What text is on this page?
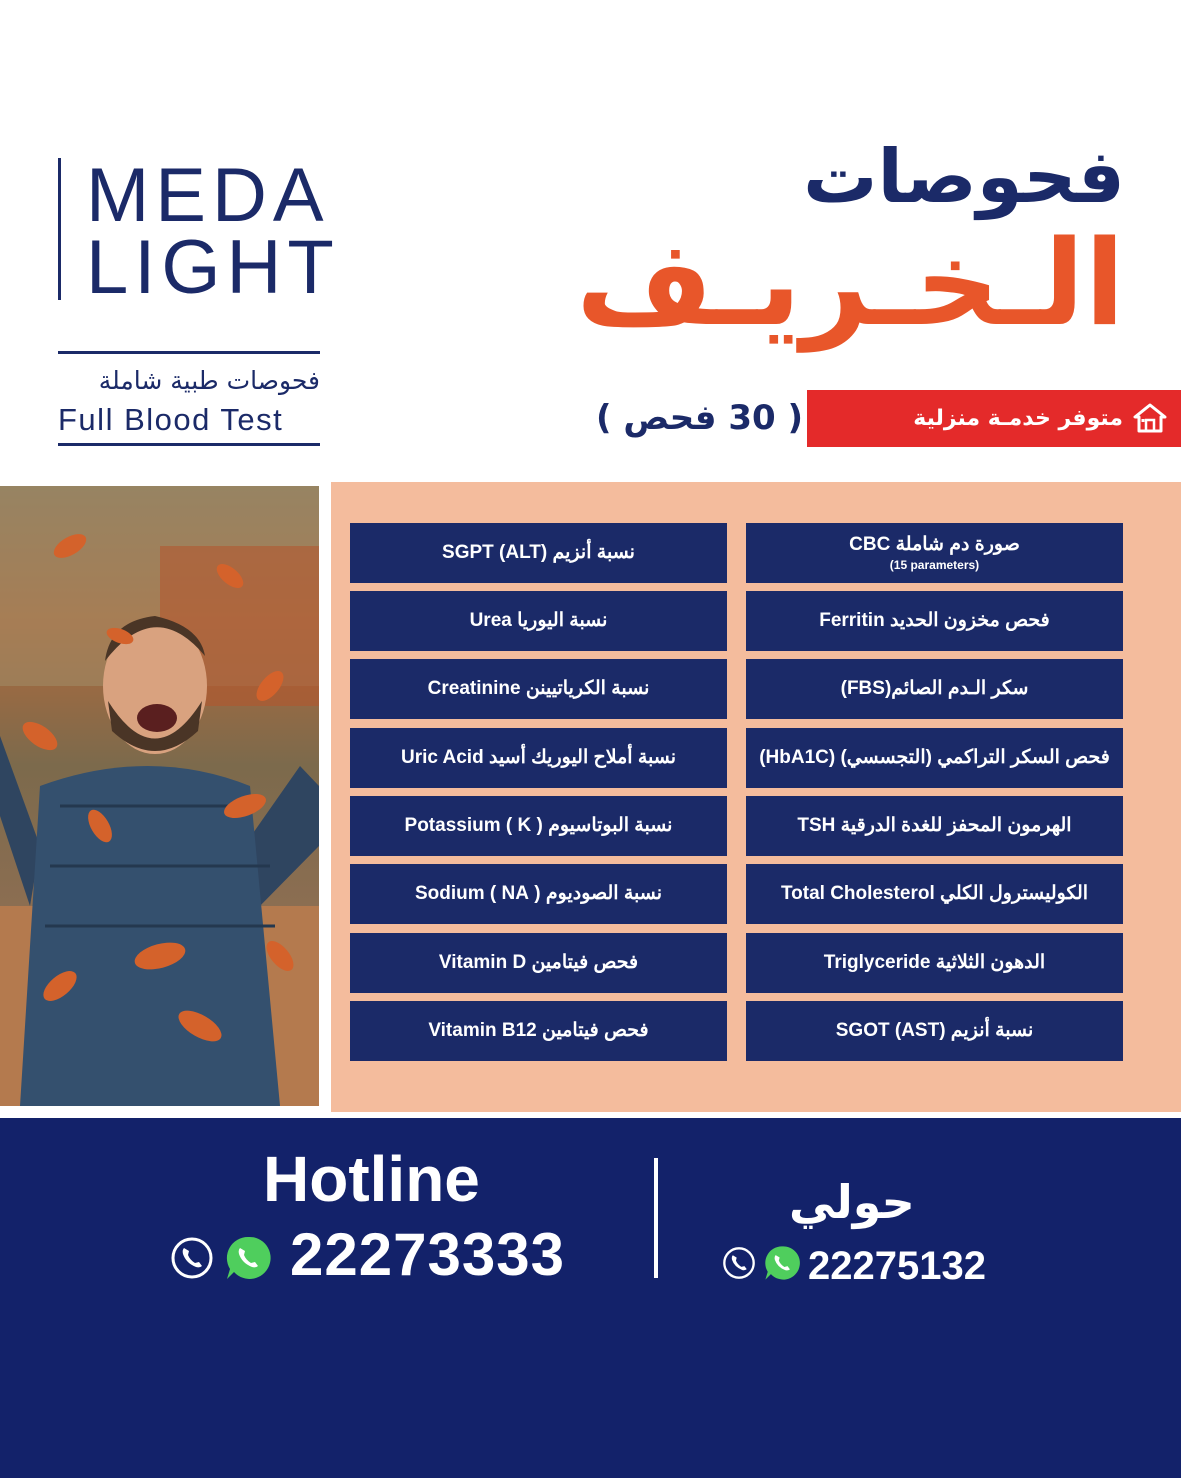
MEDA
LIGHT
فحوصات طبية شاملة
Full Blood Test
فحوصات
الـخـريـف
متوفر خدمـة منزلية
( 30 فحص )
صورة دم شاملة CBC
(15 parameters)
فحص مخزون الحديد Ferritin
سكر الـدم الصائم(FBS)
فحص السكر التراكمي (التجسسي) (HbA1C)
الهرمون المحفز للغدة الدرقية TSH
الكوليسترول الكلي Total Cholesterol
الدهون الثلاثية Triglyceride
نسبة أنزيم (SGOT (AST
نسبة أنزيم (SGPT (ALT
نسبة اليوريا Urea
نسبة الكرياتيينن Creatinine
نسبة أملاح اليوريك أسيد Uric Acid
نسبة البوتاسيوم ( Potassium ( K
نسبة الصوديوم ( Sodium ( NA
فحص فيتامين Vitamin D
فحص فيتامين Vitamin B12
Hotline
22273333
حولي
22275132
